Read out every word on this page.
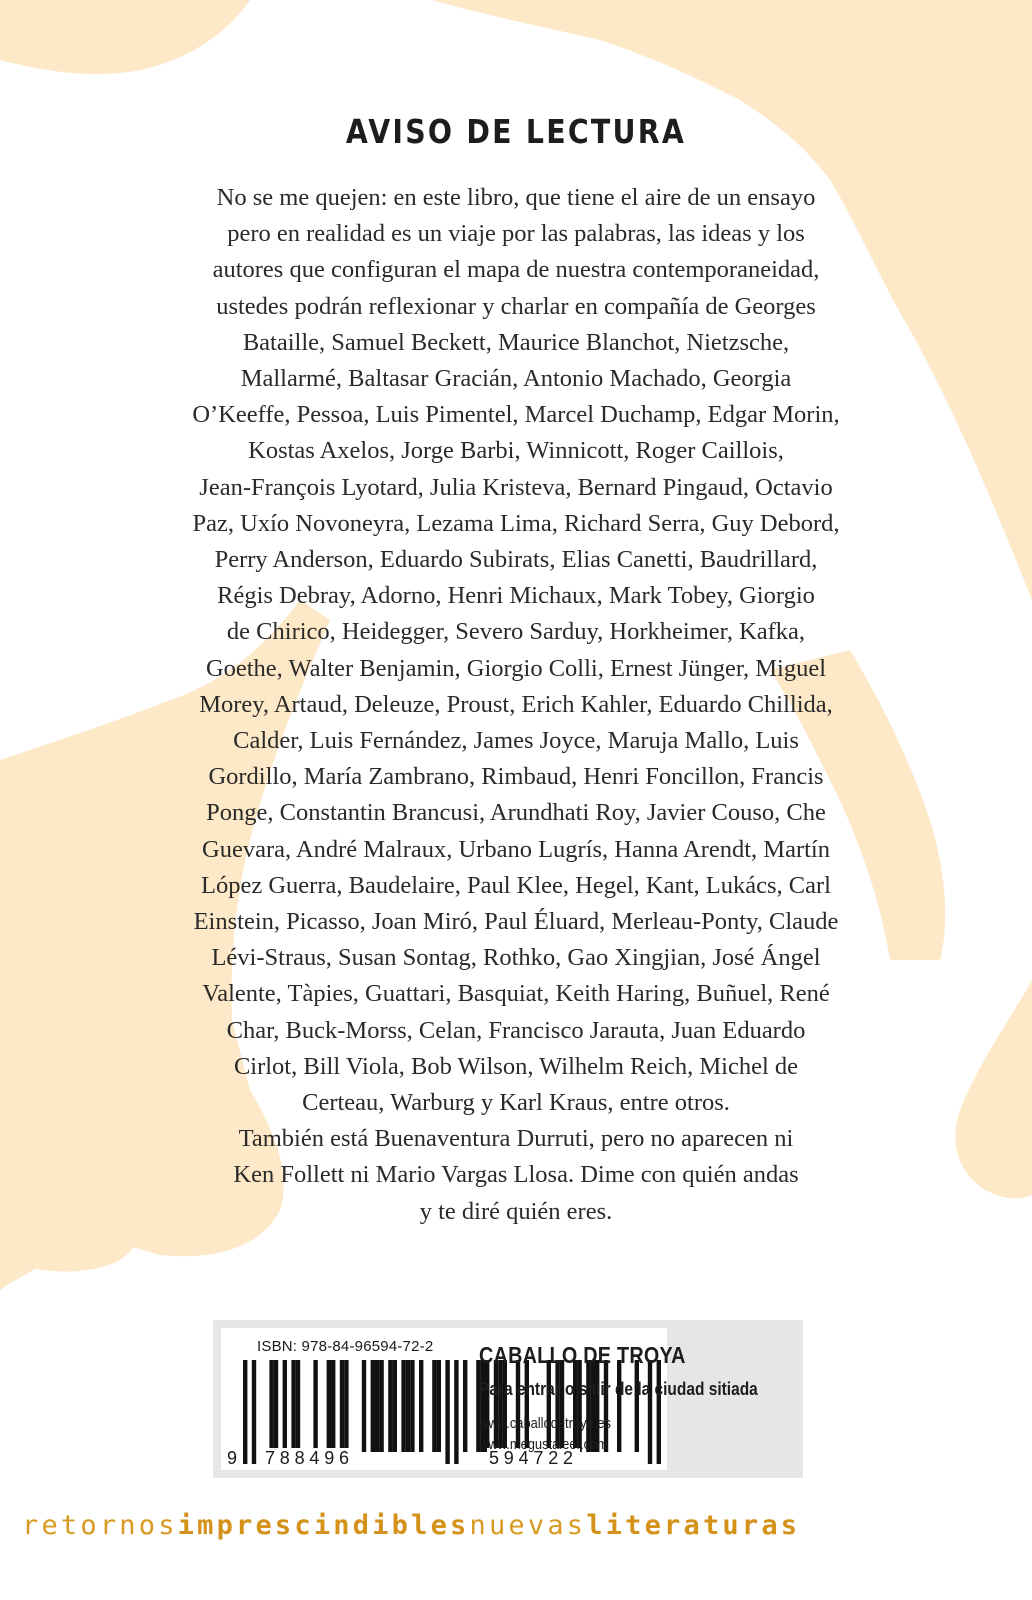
AVISO DE LECTURA

No se me quejen: en este libro, que tiene el aire de un ensayo
pero en realidad es un viaje por las palabras, las ideas y los
autores que configuran el mapa de nuestra contemporaneidad,
ustedes podrán reflexionar y charlar en compañía de Georges
Bataille, Samuel Beckett, Maurice Blanchot, Nietzsche,
Mallarmé, Baltasar Gracián, Antonio Machado, Georgia
O’Keeffe, Pessoa, Luis Pimentel, Marcel Duchamp, Edgar Morin,
Kostas Axelos, Jorge Barbi, Winnicott, Roger Caillois,
Jean-François Lyotard, Julia Kristeva, Bernard Pingaud, Octavio
Paz, Uxío Novoneyra, Lezama Lima, Richard Serra, Guy Debord,
Perry Anderson, Eduardo Subirats, Elias Canetti, Baudrillard,
Régis Debray, Adorno, Henri Michaux, Mark Tobey, Giorgio
de Chirico, Heidegger, Severo Sarduy, Horkheimer, Kafka,
Goethe, Walter Benjamin, Giorgio Colli, Ernest Jünger, Miguel
Morey, Artaud, Deleuze, Proust, Erich Kahler, Eduardo Chillida,
Calder, Luis Fernández, James Joyce, Maruja Mallo, Luis
Gordillo, María Zambrano, Rimbaud, Henri Foncillon, Francis
Ponge, Constantin Brancusi, Arundhati Roy, Javier Couso, Che
Guevara, André Malraux, Urbano Lugrís, Hanna Arendt, Martín
López Guerra, Baudelaire, Paul Klee, Hegel, Kant, Lukács, Carl
Einstein, Picasso, Joan Miró, Paul Éluard, Merleau-Ponty, Claude
Lévi-Straus, Susan Sontag, Rothko, Gao Xingjian, José Ángel
Valente, Tàpies, Guattari, Basquiat, Keith Haring, Buñuel, René
Char, Buck-Morss, Celan, Francisco Jarauta, Juan Eduardo
Cirlot, Bill Viola, Bob Wilson, Wilhelm Reich, Michel de
Certeau, Warburg y Karl Kraus, entre otros.
También está Buenaventura Durruti, pero no aparecen ni
Ken Follett ni Mario Vargas Llosa. Dime con quién andas
y te diré quién eres.

ISBN: 978-84-96594-72-2
9 788496	594722
CABALLO DE TROYA
Para entrar o salir de la ciudad sitiada
www.caballodetroya.es
www.megustaleer.com
retornosimprescindiblesnuevasliteraturas
